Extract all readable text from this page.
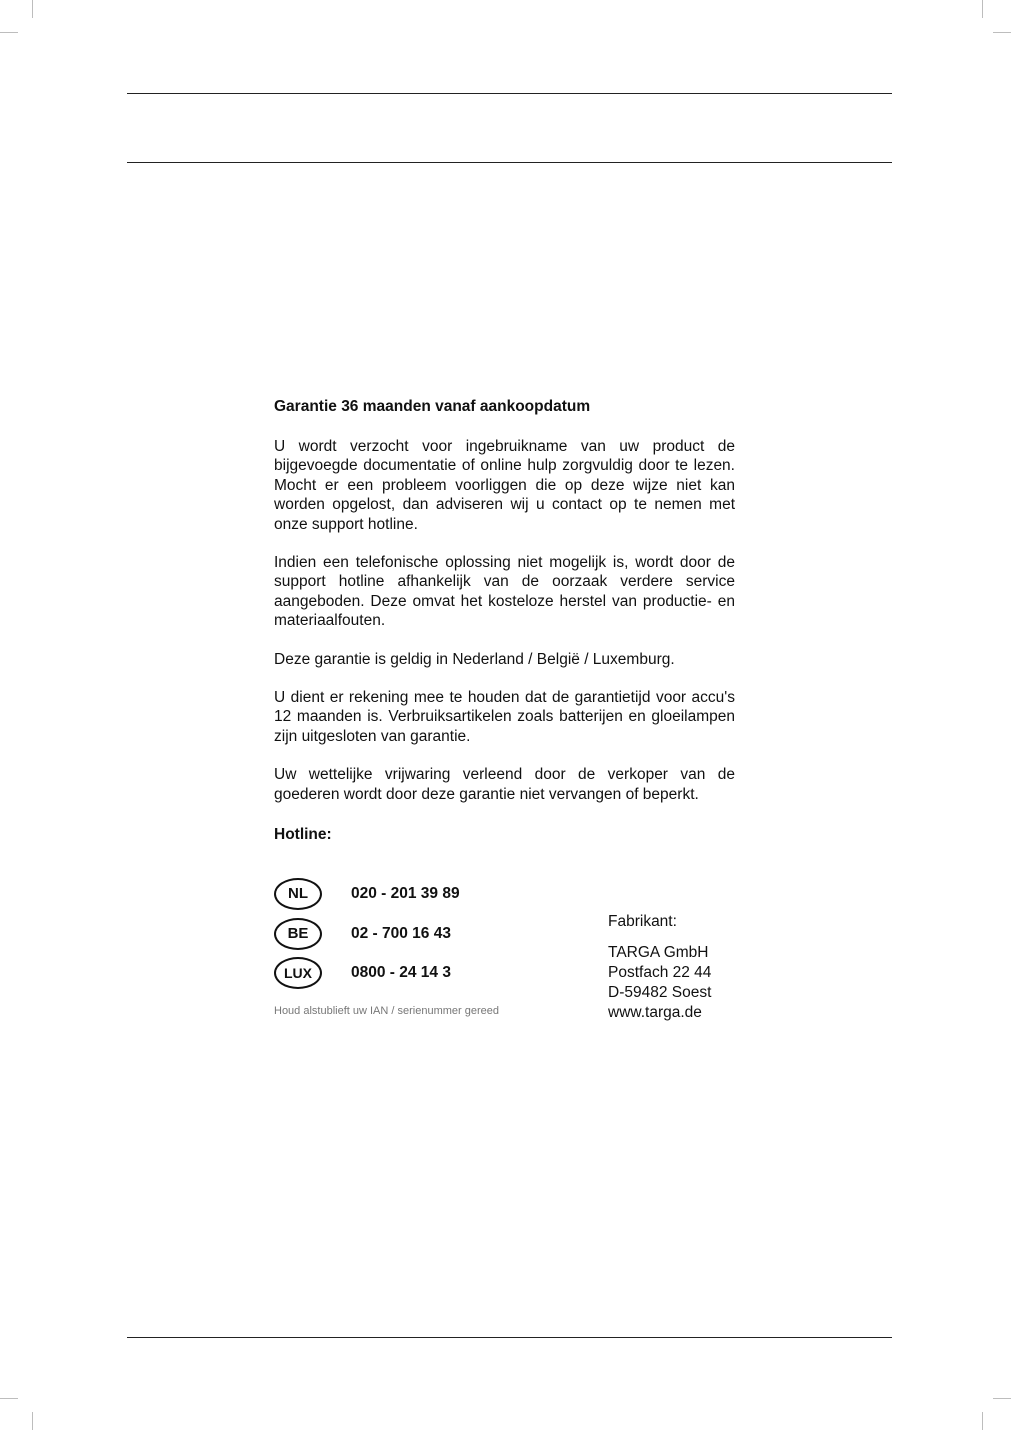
Garantie 36 maanden vanaf aankoopdatum

U wordt verzocht voor ingebruikname van uw product de bijgevoegde documentatie of online hulp zorgvuldig door te lezen. Mocht er een probleem voorliggen die op deze wijze niet kan worden opgelost, dan adviseren wij u contact op te nemen met onze support hotline.

Indien een telefonische oplossing niet mogelijk is, wordt door de support hotline afhankelijk van de oorzaak verdere service aangeboden. Deze omvat het kosteloze herstel van productie- en materiaalfouten.

Deze garantie is geldig in Nederland / België / Luxemburg.

U dient er rekening mee te houden dat de garantietijd voor accu's 12 maanden is. Verbruiksartikelen zoals batterijen en gloeilampen zijn uitgesloten van garantie.

Uw wettelijke vrijwaring verleend door de verkoper van de goederen wordt door deze garantie niet vervangen of beperkt.

Hotline:

NL	020 - 201 39 89
BE	02 - 700 16 43
LUX	0800 - 24 14 3
Houd alstublieft uw IAN / serienummer gereed

Fabrikant:

TARGA GmbH

Postfach 22 44

D-59482 Soest

www.targa.de
